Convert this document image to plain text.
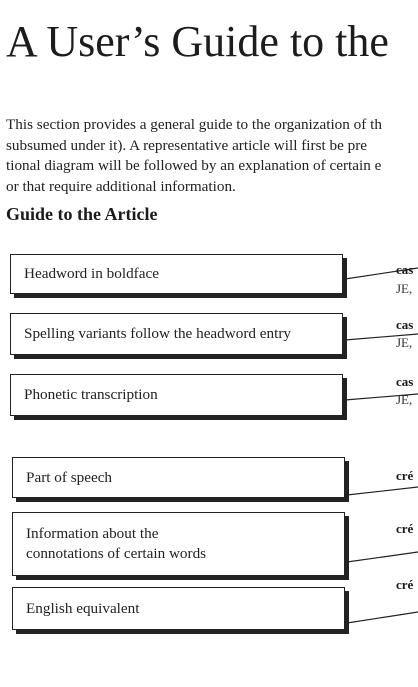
A User’s Guide to the
This section provides a general guide to the organization of th
subsumed under it). A representative article will first be pre
tional diagram will be followed by an explanation of certain e
or that require additional information.
Guide to the Article
Headword in boldface
Spelling variants follow the headword entry
Phonetic transcription
Part of speech
Information about the
connotations of certain words
English equivalent
cas
JE,
cas
JE,
cas
JE,
cré
cré
cré
